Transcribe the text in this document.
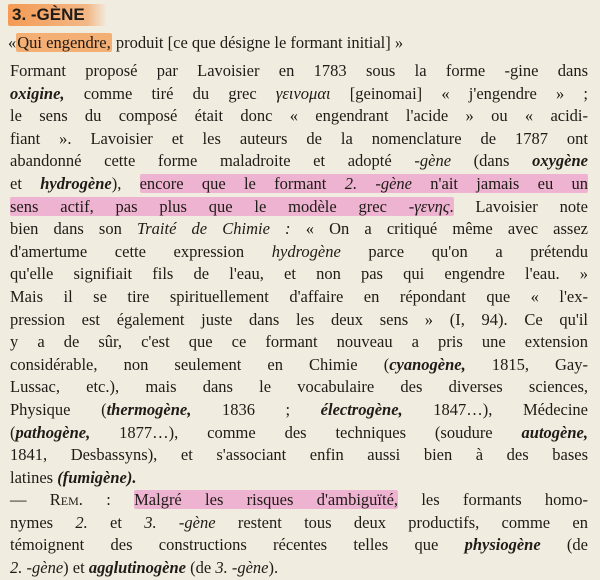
3. -GÈNE
«Qui engendre, produit [ce que désigne le formant initial] »
Formant proposé par Lavoisier en 1783 sous la forme -gine dans
oxigine, comme tiré du grec γεινομαι [geinomai] « j'engendre » ;
le sens du composé était donc « engendrant l'acide » ou « acidi-
fiant ». Lavoisier et les auteurs de la nomenclature de 1787 ont
abandonné cette forme maladroite et adopté -gène (dans oxygène
et hydrogène), encore que le formant 2. -gène n'ait jamais eu un
sens actif, pas plus que le modèle grec -γενης. Lavoisier note
bien dans son Traité de Chimie : « On a critiqué même avec assez
d'amertume cette expression hydrogène parce qu'on a prétendu
qu'elle signifiait fils de l'eau, et non pas qui engendre l'eau. »
Mais il se tire spirituellement d'affaire en répondant que « l'ex-
pression est également juste dans les deux sens » (I, 94). Ce qu'il
y a de sûr, c'est que ce formant nouveau a pris une extension
considérable, non seulement en Chimie (cyanogène, 1815, Gay-
Lussac, etc.), mais dans le vocabulaire des diverses sciences,
Physique (thermogène, 1836 ; électrogène, 1847…), Médecine
(pathogène, 1877…), comme des techniques (soudure autogène,
1841, Desbassyns), et s'associant enfin aussi bien à des bases
latines (fumigène).
— Rem. : Malgré les risques d'ambiguïté, les formants homo-
nymes 2. et 3. -gène restent tous deux productifs, comme en
témoignent des constructions récentes telles que physiogène (de
2. -gène) et agglutinogène (de 3. -gène).
